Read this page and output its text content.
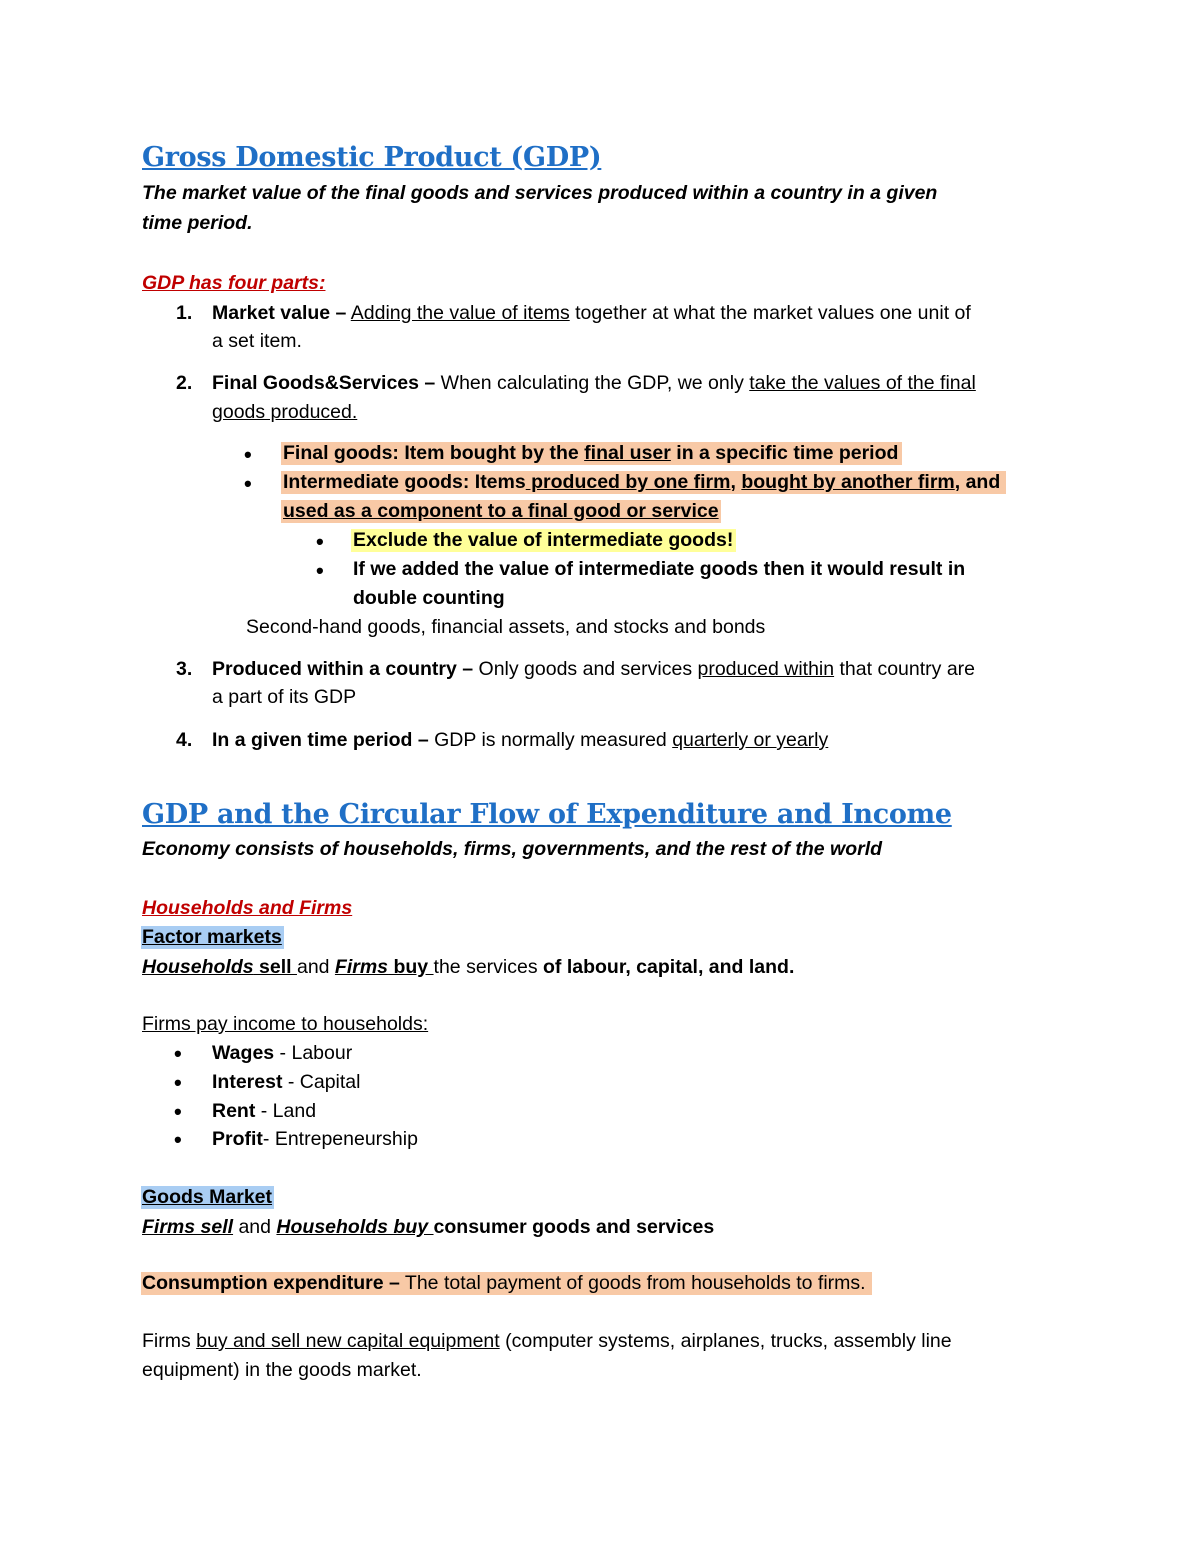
Gross Domestic Product (GDP)
The market value of the final goods and services produced within a country in a given
time period.
GDP has four parts:
1. Market value – Adding the value of items together at what the market values one unit of
a set item.
2. Final Goods&Services – When calculating the GDP, we only take the values of the final
goods produced.
• Final goods: Item bought by the final user in a specific time period
• Intermediate goods: Items produced by one firm, bought by another firm, and
used as a component to a final good or service
• Exclude the value of intermediate goods!
• If we added the value of intermediate goods then it would result in
double counting
Second-hand goods, financial assets, and stocks and bonds
3. Produced within a country – Only goods and services produced within that country are
a part of its GDP
4. In a given time period – GDP is normally measured quarterly or yearly
GDP and the Circular Flow of Expenditure and Income
Economy consists of households, firms, governments, and the rest of the world
Households and Firms
Factor markets
Households sell and Firms buy the services of labour, capital, and land.
Firms pay income to households:
• Wages - Labour
• Interest - Capital
• Rent - Land
• Profit- Entrepeneurship
Goods Market
Firms sell and Households buy consumer goods and services
Consumption expenditure – The total payment of goods from households to firms.
Firms buy and sell new capital equipment (computer systems, airplanes, trucks, assembly line
equipment) in the goods market.
